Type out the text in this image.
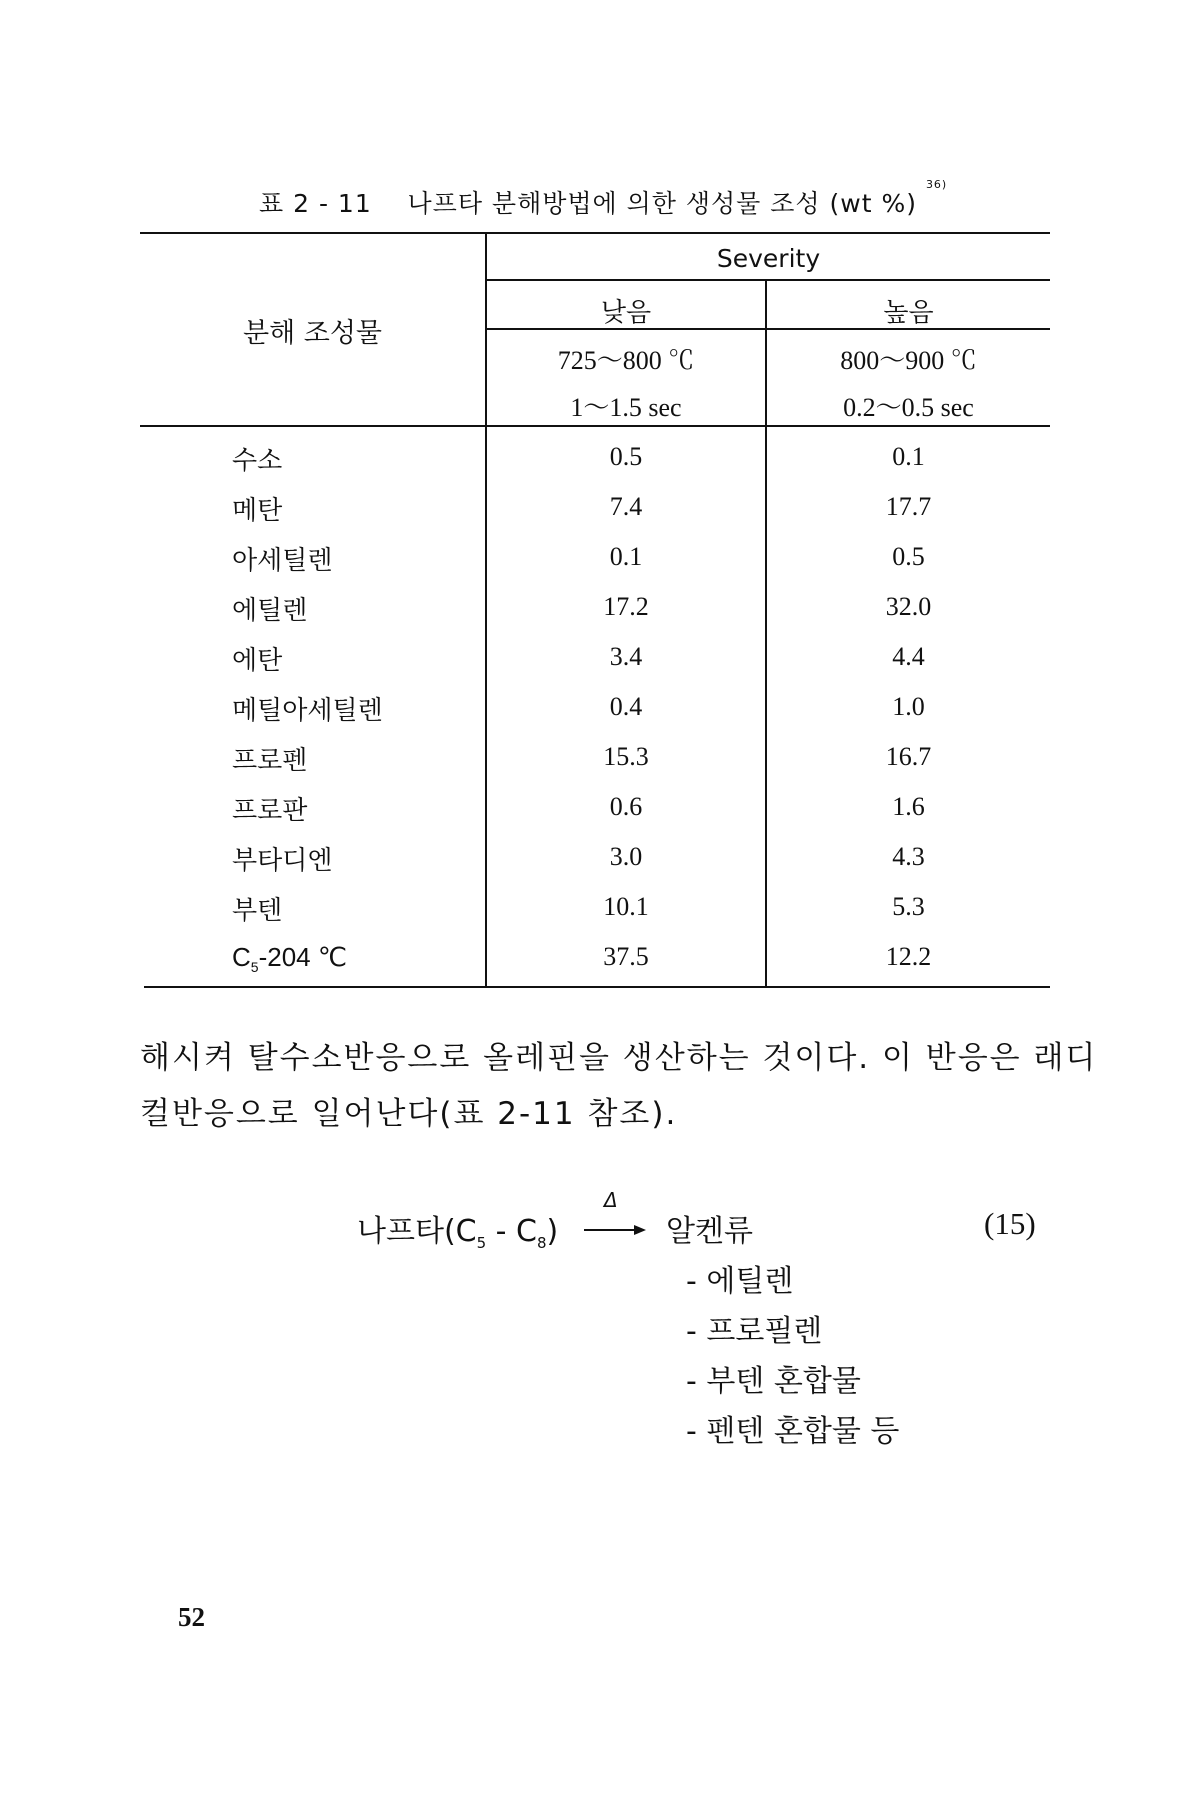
표 2 - 11 나프타 분해방법에 의한 생성물 조성 (wt %) $^{36)}$
분해 조성물
Severity
낮음	높음
725～800 ℃	800～900 ℃
1～1.5 sec	0.2～0.5 sec
수소	0.5	0.1
메탄	7.4	17.7
아세틸렌	0.1	0.5
에틸렌	17.2	32.0
에탄	3.4	4.4
메틸아세틸렌	0.4	1.0
프로펜	15.3	16.7
프로판	0.6	1.6
부타디엔	3.0	4.3
부텐	10.1	5.3
$C_5-204$ ℃	37.5	12.2
해시켜 탈수소반응으로 올레핀을 생산하는 것이다. 이 반응은 래디
컬반응으로 일어난다(표 2-11 참조).
나프타$(C_5 - C_8)$
Δ
→ 알켄류	(15)
- 에틸렌
- 프로필렌
- 부텐 혼합물
- 펜텐 혼합물 등
52
